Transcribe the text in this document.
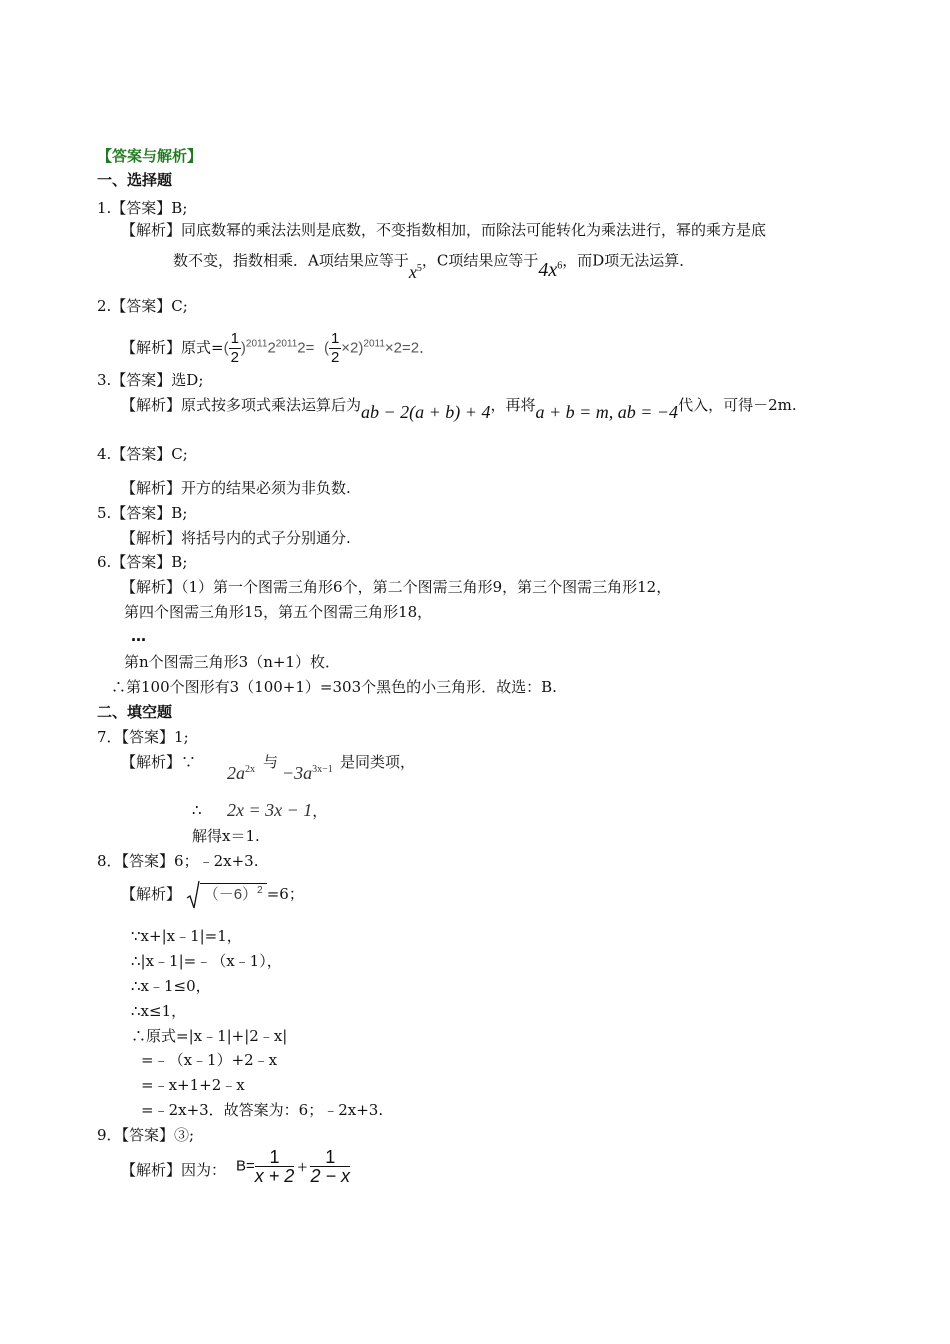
【答案与解析】
一、选择题
1.【答案】B;
【解析】同底数幂的乘法法则是底数，不变指数相加，而除法可能转化为乘法进行，幂的乘方是底
数不变，指数相乘．A项结果应等于$x^5$，C项结果应等于$4x^6$，而D项无法运算．
2.【答案】C;
【解析】原式=( $\frac{1}{2} )^{2011}2^{2011}2=$ ( $\frac{1}{2} \times 2)^{2011}\times 2=2$．
3.【答案】选D;
【解析】原式按多项式乘法运算后为ab − 2(a + b) + 4，再将a + b = m, ab = −4代入，可得－2m.
4.【答案】C;
【解析】开方的结果必须为非负数.
5.【答案】B;
【解析】将括号内的式子分别通分.
6.【答案】B;
【解析】（1）第一个图需三角形6个，第二个图需三角形9，第三个图需三角形12，
第四个图需三角形15，第五个图需三角形18，
…
第n个图需三角形3（n+1）枚．
∴第100个图形有3（100+1）=303个黑色的小三角形．故选：B.
二、填空题
7．【答案】1;
【解析】∵
$2a^{2x}$ 与
$-3a^{3x-1}$ 是同类项，
∴ 2x = 3x − 1，
解得x＝1.
8．【答案】6；﹣2x+3.
【解析】 $(-6)^2 =6$；
∵x+|x﹣1|=1，
∴|x﹣1|=﹣（x﹣1），
∴x﹣1≤0，
∴x≤1，
∴原式=|x﹣1|+|2﹣x|
=﹣（x﹣1）+2﹣x
=﹣x+1+2﹣x
=﹣2x+3．故答案为：6；﹣2x+3.
9．【答案】③;
【解析】因为： $B= \frac{1}{x + 2} + \frac{1}{2 - x}$
